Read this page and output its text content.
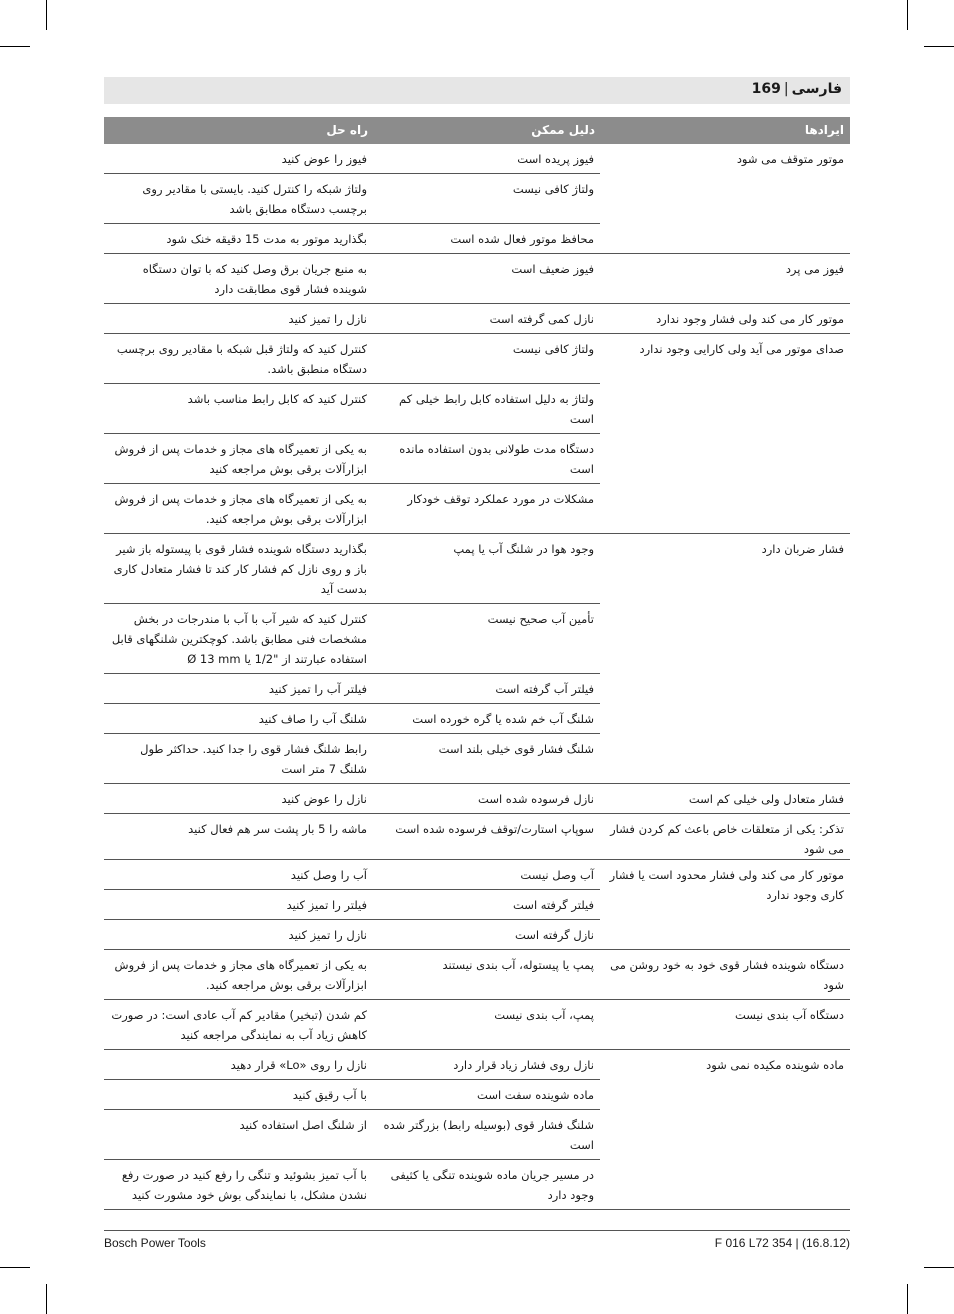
فارسی|169
ایرادها
دلیل ممکن
راه حل
موتور متوقف می شود
فیوز پریده است
فیوز را عوض کنید
ولتاژ کافی نیست
ولتاژ شبکه را کنترل کنید. بایستی با مقادیر روی برچسب دستگاه مطابق باشد
محافظ موتور فعال شده است
بگذارید موتور به مدت 15 دقیقه خنک شود
فیوز می پرد
فیوز ضعیف است
به منبع جریان برق وصل کنید که با توان دستگاه شوینده فشار قوی مطابقت دارد
موتور کار می کند ولی فشار وجود ندارد
نازل کمی گرفته است
نازل را تمیز کنید
صدای موتور می آید ولی کارایی وجود ندارد
ولتاژ کافی نیست
کنترل کنید که ولتاژ قبل شبکه با مقادیر روی برچسب دستگاه منطبق باشد.
ولتاژ به دلیل استفاده کابل رابط خیلی کم است
کنترل کنید که کابل رابط مناسب باشد
دستگاه مدت طولانی بدون استفاده مانده است
به یکی از تعمیرگاه های مجاز و خدمات پس از فروش ابزارآلات برقی بوش مراجعه کنید
مشکلات در مورد عملکرد توقف خودکار
به یکی از تعمیرگاه های مجاز و خدمات پس از فروش ابزارآلات برقی بوش مراجعه کنید.
فشار ضربان دارد
وجود هوا در شلنگ آب یا پمپ
بگذارید دستگاه شوینده فشار قوی با پیستوله باز شیر باز و روی نازل کم فشار کار کند تا فشار متعادل کاری بدست آید
تأمین آب صحیح نیست
کنترل کنید که شیر آب با آب با مندرجات در بخش مشخصات فنی مطابق باشد. کوچکترین شلنگهای قابل استفاده عبارتند از "1/2 یا Ø 13 mm
فیلتر آب گرفته است
فیلتر آب را تمیز کنید
شلنگ آب خم شده یا گره خورده است
شلنگ آب را صاف کنید
شلنگ فشار قوی خیلی بلند است
رابط شلنگ فشار قوی را جدا کنید. حداکثر طول شلنگ 7 متر است
فشار متعادل ولی خیلی کم است
نازل فرسوده شده است
نازل را عوض کنید
تذکر: یکی از متعلقات خاص باعث کم کردن فشار می شود
سوپاپ استارت/توقف فرسوده شده است
ماشه را 5 بار پشت سر هم فعال کنید
موتور کار می کند ولی فشار محدود است یا فشار کاری وجود ندارد
آب وصل نیست
آب را وصل کنید
فیلتر گرفته است
فیلتر را تمیز کنید
نازل گرفته است
نازل را تمیز کنید
دستگاه شوینده فشار قوی خود به خود روشن می شود
پمپ یا پیستوله، آب بندی نیستند
به یکی از تعمیرگاه های مجاز و خدمات پس از فروش ابزارآلات برقی بوش مراجعه کنید.
دستگاه آب بندی نیست
پمپ، آب بندی نیست
کم شدن (تبخیر) مقادیر کم آب عادی است: در صورت کاهش زیاد آب به نمایندگی مراجعه کنید
ماده شوینده مکیده نمی شود
نازل روی فشار زیاد قرار دارد
نازل را روی «Lo» قرار دهید
ماده شوینده سفت است
با آب رقیق کنید
شلنگ فشار قوی (بوسیله رابط) بزرگتر شده است
از شلنگ اصل استفاده کنید
در مسیر جریان ماده شوینده تنگی یا کثیفی وجود دارد
با آب تمیز بشوئید و تنگی را رفع کنید در صورت رفع نشدن مشکل، با نمایندگی بوش خود مشورت کنید
Bosch Power Tools	F 016 L72 354 | (16.8.12)
